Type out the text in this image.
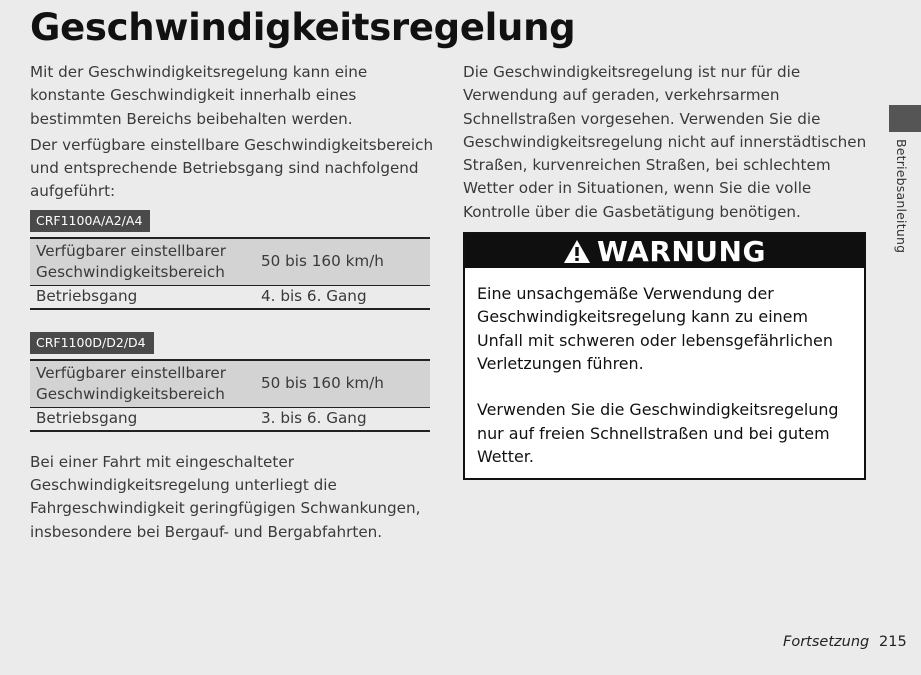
Geschwindigkeitsregelung

Mit der Geschwindigkeitsregelung kann eine konstante Geschwindigkeit innerhalb eines bestimmten Bereichs beibehalten werden.

Der verfügbare einstellbare Geschwindigkeitsbereich und entsprechende Betriebsgang sind nachfolgend aufgeführt:

CRF1100A/A2/A4
Verfügbarer einstellbarer Geschwindigkeitsbereich	50 bis 160 km/h
Betriebsgang	4. bis 6. Gang
CRF1100D/D2/D4
Verfügbarer einstellbarer Geschwindigkeitsbereich	50 bis 160 km/h
Betriebsgang	3. bis 6. Gang

Bei einer Fahrt mit eingeschalteter Geschwindigkeitsregelung unterliegt die Fahrgeschwindigkeit geringfügigen Schwankungen, insbesondere bei Bergauf- und Bergabfahrten.

Die Geschwindigkeitsregelung ist nur für die Verwendung auf geraden, verkehrsarmen Schnellstraßen vorgesehen. Verwenden Sie die Geschwindigkeitsregelung nicht auf innerstädtischen Straßen, kurvenreichen Straßen, bei schlechtem Wetter oder in Situationen, wenn Sie die volle Kontrolle über die Gasbetätigung benötigen.

WARNUNG

Eine unsachgemäße Verwendung der Geschwindigkeitsregelung kann zu einem Unfall mit schweren oder lebensgefährlichen Verletzungen führen.

Verwenden Sie die Geschwindigkeitsregelung nur auf freien Schnellstraßen und bei gutem Wetter.

Betriebsanleitung
Fortsetzung 215
